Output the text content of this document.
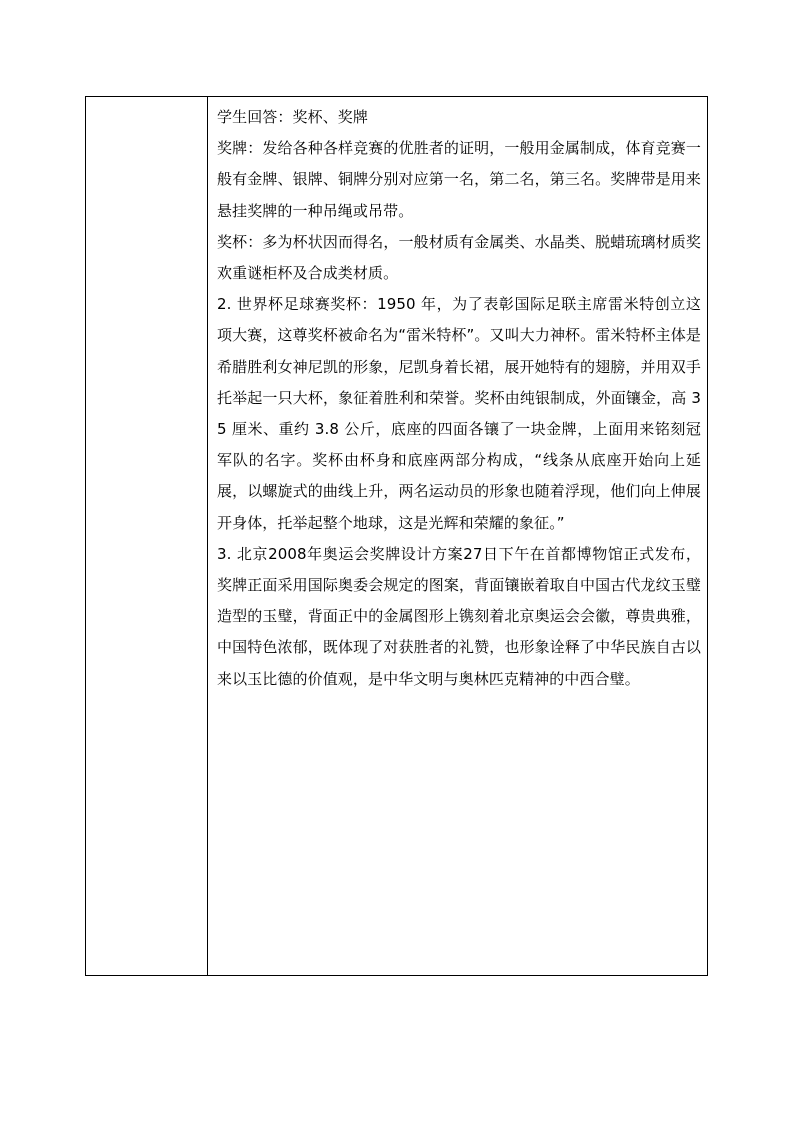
学生回答：奖杯、奖牌

奖牌：发给各种各样竞赛的优胜者的证明，一般用金属制成，体育竞赛一般有金牌、银牌、铜牌分别对应第一名，第二名，第三名。奖牌带是用来悬挂奖牌的一种吊绳或吊带。

奖杯：多为杯状因而得名，一般材质有金属类、水晶类、脱蜡琉璃材质奖欢重谜柜杯及合成类材质。

2. 世界杯足球赛奖杯：1950 年，为了表彰国际足联主席雷米特创立这项大赛，这尊奖杯被命名为“雷米特杯”。又叫大力神杯。雷米特杯主体是希腊胜利女神尼凯的形象，尼凯身着长裙，展开她特有的翅膀，并用双手托举起一只大杯，象征着胜利和荣誉。奖杯由纯银制成，外面镶金，高 35 厘米、重约 3.8 公斤，底座的四面各镶了一块金牌，上面用来铭刻冠军队的名字。奖杯由杯身和底座两部分构成，“线条从底座开始向上延展，以螺旋式的曲线上升，两名运动员的形象也随着浮现，他们向上伸展开身体，托举起整个地球，这是光辉和荣耀的象征。”

3. 北京2008年奥运会奖牌设计方案27日下午在首都博物馆正式发布，奖牌正面采用国际奥委会规定的图案，背面镶嵌着取自中国古代龙纹玉璧造型的玉璧，背面正中的金属图形上镌刻着北京奥运会会徽，尊贵典雅，中国特色浓郁，既体现了对获胜者的礼赞，也形象诠释了中华民族自古以来以玉比德的价值观，是中华文明与奥林匹克精神的中西合璧。
